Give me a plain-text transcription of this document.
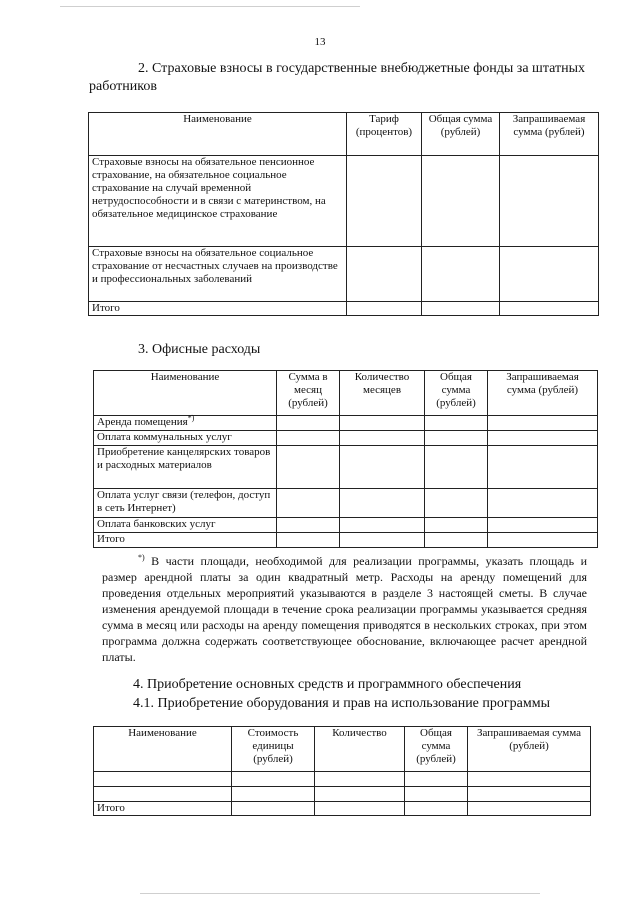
13
2. Страховые взносы в государственные внебюджетные фонды за штатных работников
Наименование	Тариф (процентов)	Общая сумма (рублей)	Запрашиваемая сумма (рублей)
Страховые взносы на обязательное пенсионное страхование, на обязательное социальное страхование на случай временной нетрудоспособности и в связи с материнством, на обязательное медицинское страхование			
Страховые взносы на обязательное социальное страхование от несчастных случаев на производстве и профессиональных заболеваний			
Итого			
3. Офисные расходы
Наименование	Сумма в месяц (рублей)	Количество месяцев	Общая сумма (рублей)	Запрашиваемая сумма (рублей)
Аренда помещения*)				
Оплата коммунальных услуг				
Приобретение канцелярских товаров и расходных материалов				
Оплата услуг связи (телефон, доступ в сеть Интернет)				
Оплата банковских услуг				
Итого				
*) В части площади, необходимой для реализации программы, указать площадь и размер арендной платы за один квадратный метр. Расходы на аренду помещений для проведения отдельных мероприятий указываются в разделе 3 настоящей сметы. В случае изменения арендуемой площади в течение срока реализации программы указывается средняя сумма в месяц или расходы на аренду помещения приводятся в нескольких строках, при этом программа должна содержать соответствующее обоснование, включающее расчет арендной платы.
4. Приобретение основных средств и программного обеспечения
4.1. Приобретение оборудования и прав на использование программы
Наименование	Стоимость единицы (рублей)	Количество	Общая сумма (рублей)	Запрашиваемая сумма (рублей)

Итого				
